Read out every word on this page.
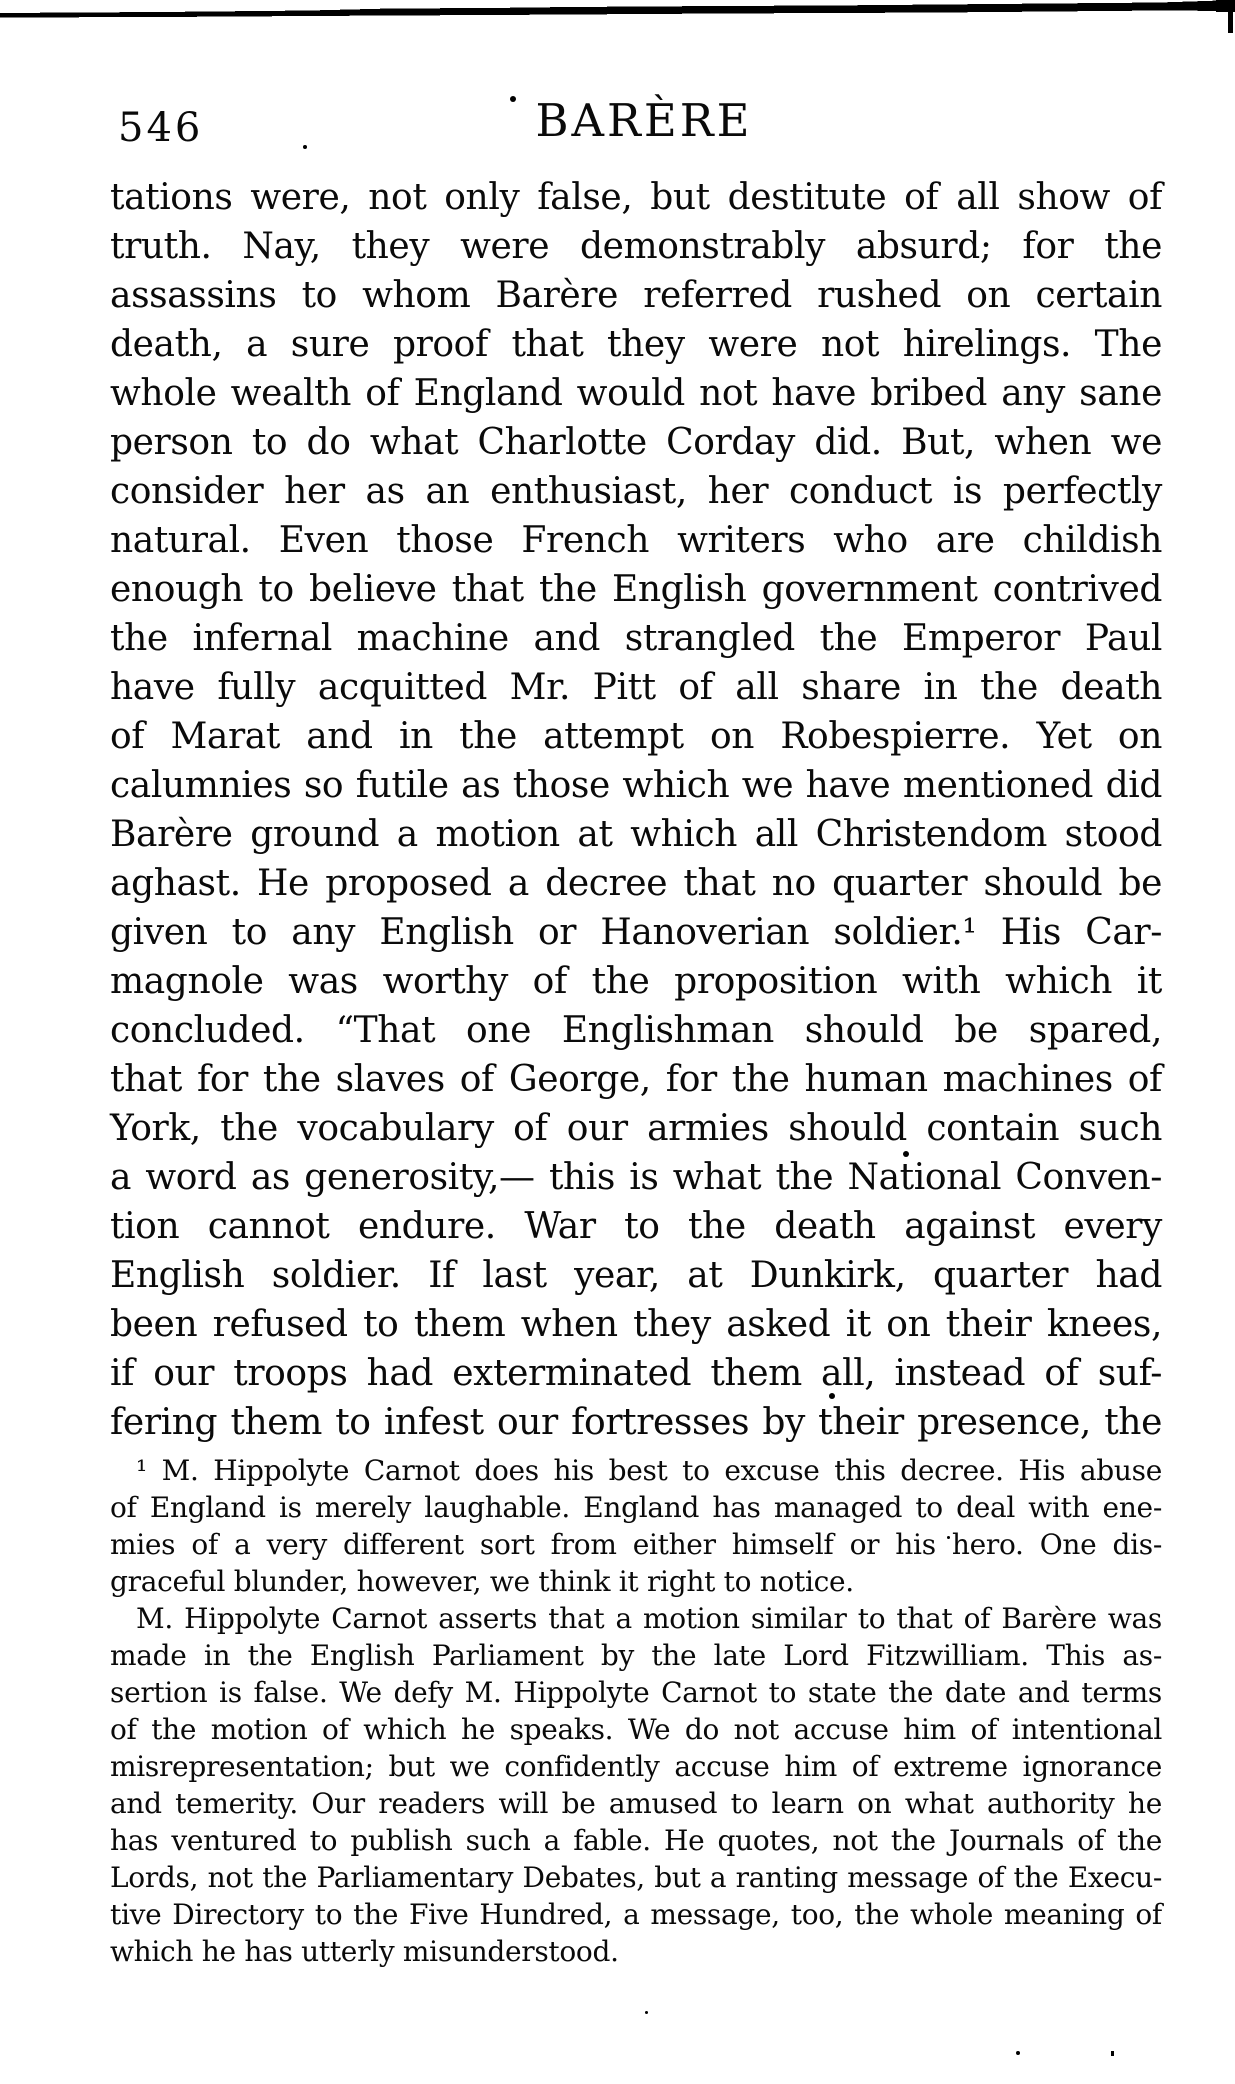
546	BARÈRE
tations were, not only false, but destitute of all show of
truth. Nay, they were demonstrably absurd; for the
assassins to whom Barère referred rushed on certain
death, a sure proof that they were not hirelings. The
whole wealth of England would not have bribed any sane
person to do what Charlotte Corday did. But, when we
consider her as an enthusiast, her conduct is perfectly
natural. Even those French writers who are childish
enough to believe that the English government contrived
the infernal machine and strangled the Emperor Paul
have fully acquitted Mr. Pitt of all share in the death
of Marat and in the attempt on Robespierre. Yet on
calumnies so futile as those which we have mentioned did
Barère ground a motion at which all Christendom stood
aghast. He proposed a decree that no quarter should be
given to any English or Hanoverian soldier.¹ His Car-
magnole was worthy of the proposition with which it
concluded. “That one Englishman should be spared,
that for the slaves of George, for the human machines of
York, the vocabulary of our armies should contain such
a word as generosity,— this is what the National Conven-
tion cannot endure. War to the death against every
English soldier. If last year, at Dunkirk, quarter had
been refused to them when they asked it on their knees,
if our troops had exterminated them all, instead of suf-
fering them to infest our fortresses by their presence, the
¹ M. Hippolyte Carnot does his best to excuse this decree. His abuse
of England is merely laughable. England has managed to deal with ene-
mies of a very different sort from either himself or his hero. One dis-
graceful blunder, however, we think it right to notice.
M. Hippolyte Carnot asserts that a motion similar to that of Barère was
made in the English Parliament by the late Lord Fitzwilliam. This as-
sertion is false. We defy M. Hippolyte Carnot to state the date and terms
of the motion of which he speaks. We do not accuse him of intentional
misrepresentation; but we confidently accuse him of extreme ignorance
and temerity. Our readers will be amused to learn on what authority he
has ventured to publish such a fable. He quotes, not the Journals of the
Lords, not the Parliamentary Debates, but a ranting message of the Execu-
tive Directory to the Five Hundred, a message, too, the whole meaning of
which he has utterly misunderstood.
